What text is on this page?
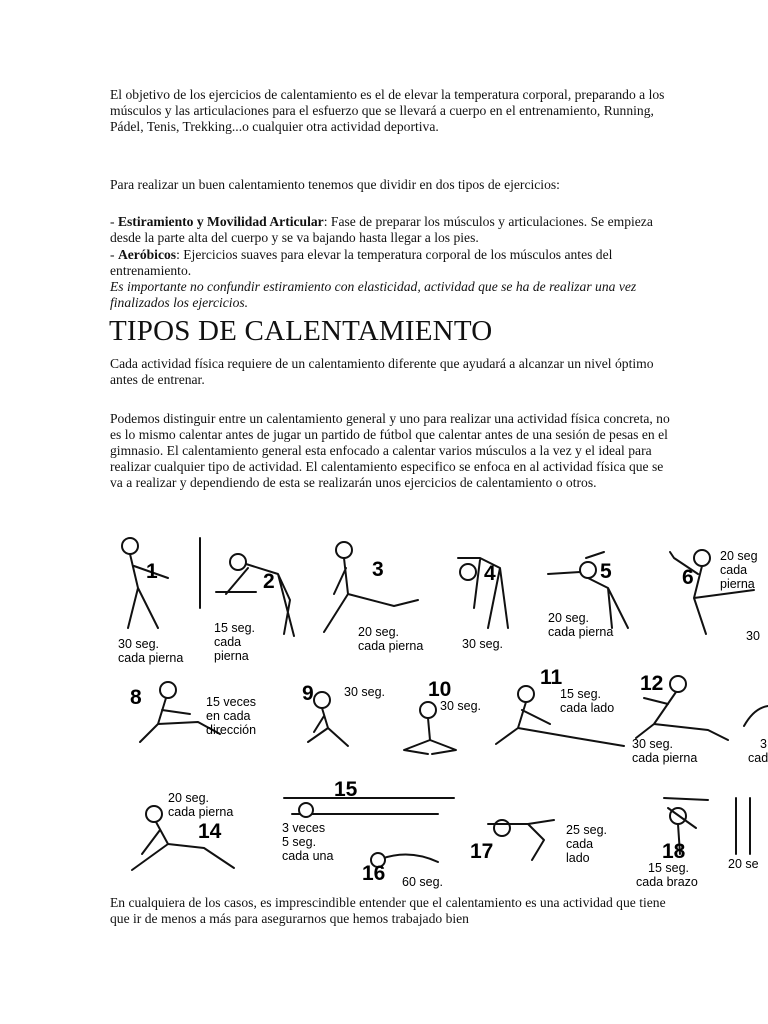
El objetivo de los ejercicios de calentamiento es el de elevar la temperatura corporal, preparando a los músculos y las articulaciones para el esfuerzo que se llevará a cuerpo en el entrenamiento, Running, Pádel, Tenis, Trekking...o cualquier otra actividad deportiva.

Para realizar un buen calentamiento tenemos que dividir en dos tipos de ejercicios:

- Estiramiento y Movilidad Articular: Fase de preparar los músculos y articulaciones. Se empieza desde la parte alta del cuerpo y se va bajando hasta llegar a los pies.

- Aeróbicos: Ejercicios suaves para elevar la temperatura corporal de los músculos antes del entrenamiento.

Es importante no confundir estiramiento con elasticidad, actividad que se ha de realizar una vez finalizados los ejercicios.

TIPOS DE CALENTAMIENTO

Cada actividad física requiere de un calentamiento diferente que ayudará a alcanzar un nivel óptimo antes de entrenar.

Podemos distinguir entre un calentamiento general y uno para realizar una actividad física concreta, no es lo mismo calentar antes de jugar un partido de fútbol que calentar antes de una sesión de pesas en el gimnasio. El calentamiento general esta enfocado a calentar varios músculos a la vez y el ideal para realizar cualquier tipo de actividad. El calentamiento especifico se enfoca en al actividad física que se va a realizar y dependiendo de esta se realizarán unos ejercicios de calentamiento o otros.

1
30 seg.
cada pierna
2
15 seg.
cada
pierna
3
20 seg.
cada pierna
4
30 seg.
5
20 seg.
cada pierna
6
20 seg
cada
pierna
30
8	15 veces
en cada
dirección
9 30 seg. 10
30 seg.
11
15 seg.
cada lado
12
30 seg.
cada pierna
3
cad
14
20 seg.
cada pierna
15
3 veces
5 seg.
cada una
16 60 seg.
17
25 seg.
cada
lado	18
15 seg.
cada brazo
20 se

En cualquiera de los casos, es imprescindible entender que el calentamiento es una actividad que tiene que ir de menos a más para asegurarnos que hemos trabajado bien
